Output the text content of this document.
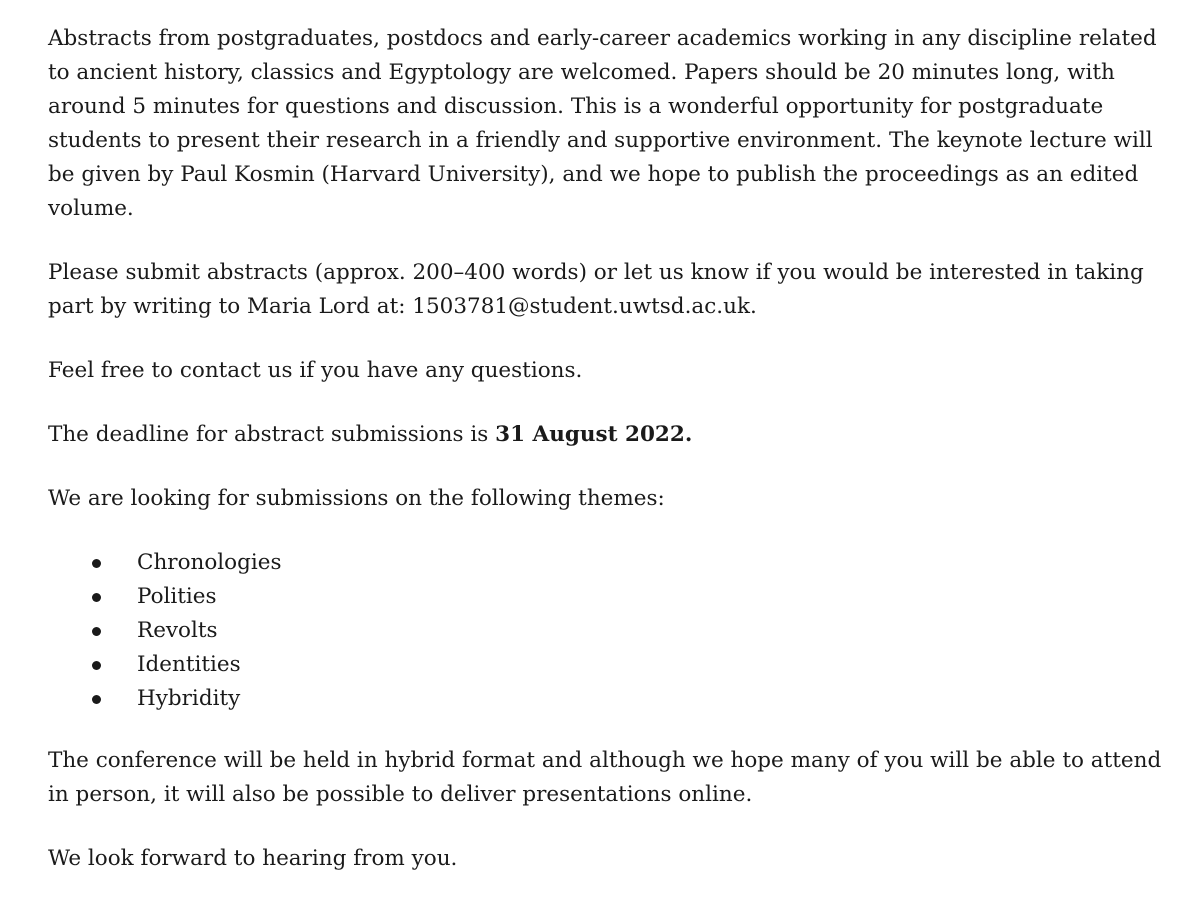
Abstracts from postgraduates, postdocs and early-career academics working in any discipline related to ancient history, classics and Egyptology are welcomed. Papers should be 20 minutes long, with around 5 minutes for questions and discussion. This is a wonderful opportunity for postgraduate students to present their research in a friendly and supportive environment. The keynote lecture will be given by Paul Kosmin (Harvard University), and we hope to publish the proceedings as an edited volume.

Please submit abstracts (approx. 200–400 words) or let us know if you would be interested in taking part by writing to Maria Lord at: 1503781@student.uwtsd.ac.uk.

Feel free to contact us if you have any questions.

The deadline for abstract submissions is 31 August 2022.

We are looking for submissions on the following themes:

Chronologies
Polities
Revolts
Identities
Hybridity

The conference will be held in hybrid format and although we hope many of you will be able to attend in person, it will also be possible to deliver presentations online.

We look forward to hearing from you.
